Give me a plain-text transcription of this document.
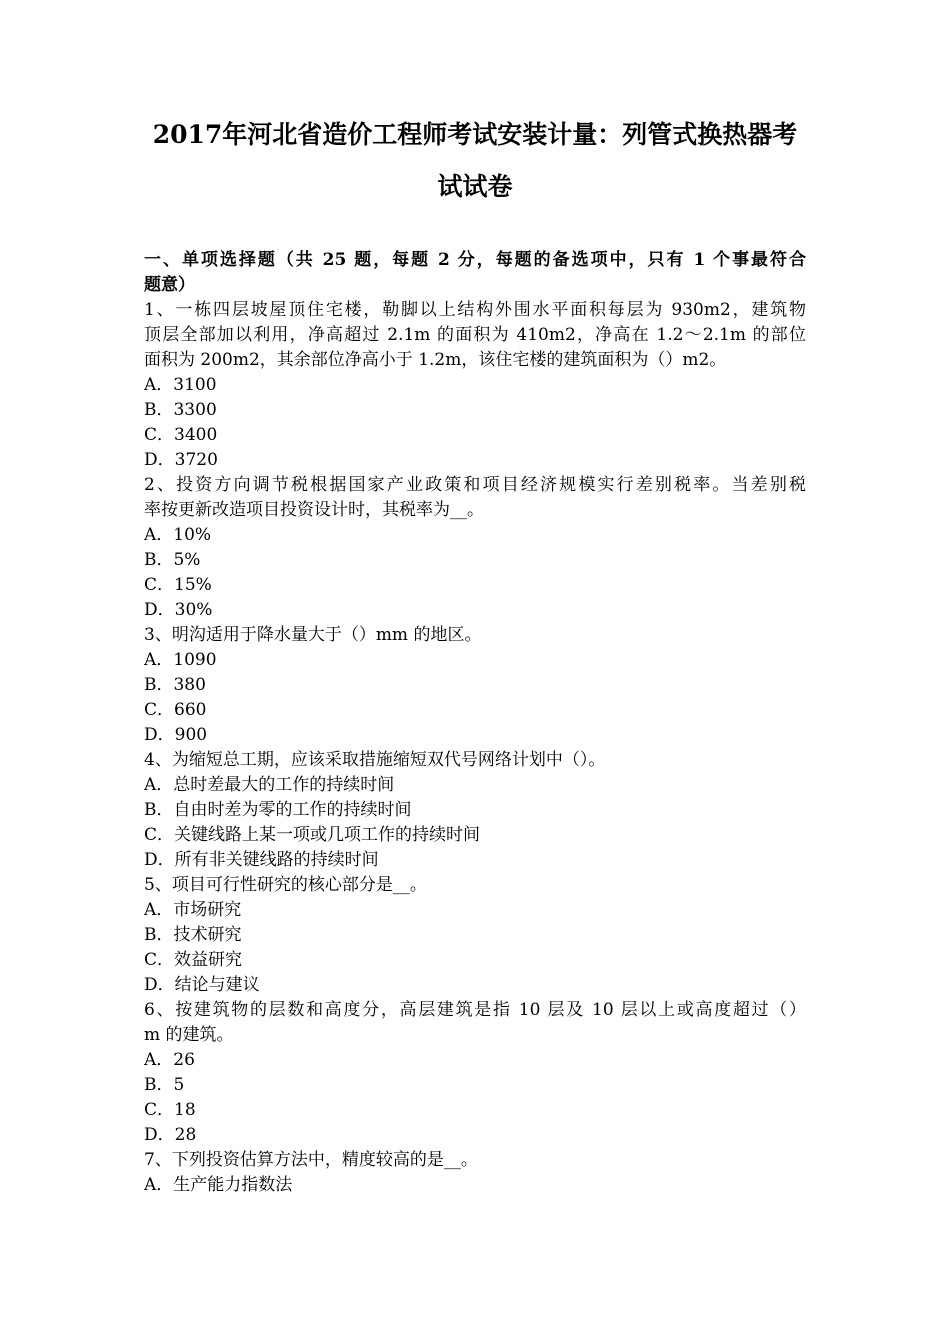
2017年河北省造价工程师考试安装计量：列管式换热器考
试试卷
一、单项选择题（共 25 题，每题 2 分，每题的备选项中，只有 1 个事最符合
题意）
1、一栋四层坡屋顶住宅楼，勒脚以上结构外围水平面积每层为 930m2，建筑物
顶层全部加以利用，净高超过 2.1m 的面积为 410m2，净高在 1.2～2.1m 的部位
面积为 200m2，其余部位净高小于 1.2m，该住宅楼的建筑面积为（）m2。
A．3100
B．3300
C．3400
D．3720
2、投资方向调节税根据国家产业政策和项目经济规模实行差别税率。当差别税
率按更新改造项目投资设计时，其税率为__。
A．10%
B．5%
C．15%
D．30%
3、明沟适用于降水量大于（）mm 的地区。
A．1090
B．380
C．660
D．900
4、为缩短总工期，应该采取措施缩短双代号网络计划中（）。
A．总时差最大的工作的持续时间
B．自由时差为零的工作的持续时间
C．关键线路上某一项或几项工作的持续时间
D．所有非关键线路的持续时间
5、项目可行性研究的核心部分是__。
A．市场研究
B．技术研究
C．效益研究
D．结论与建议
6、按建筑物的层数和高度分，高层建筑是指 10 层及 10 层以上或高度超过（）
m 的建筑。
A．26
B．5
C．18
D．28
7、下列投资估算方法中，精度较高的是__。
A．生产能力指数法
